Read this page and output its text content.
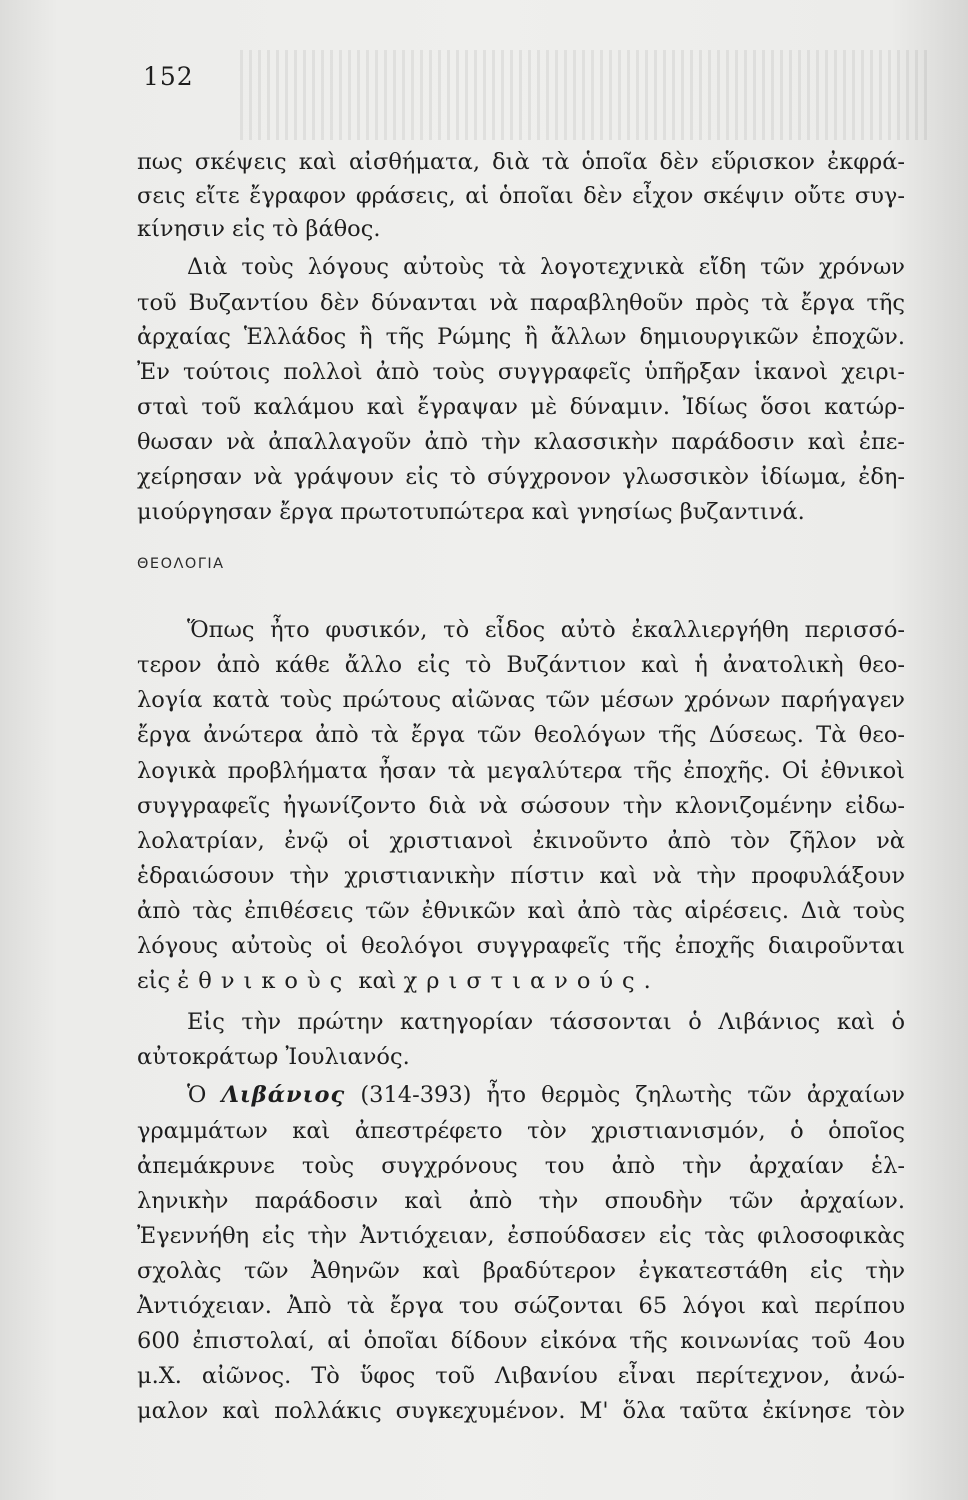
152
πως σκέψεις καὶ αἰσθήματα, διὰ τὰ ὁποῖα δὲν εὕρισκον ἐκφρά-
σεις εἴτε ἔγραφον φράσεις, αἱ ὁποῖαι δὲν εἶχον σκέψιν οὔτε συγ-
κίνησιν εἰς τὸ βάθος.
Διὰ τοὺς λόγους αὐτοὺς τὰ λογοτεχνικὰ εἴδη τῶν χρόνων
τοῦ Βυζαντίου δὲν δύνανται νὰ παραβληθοῦν πρὸς τὰ ἔργα τῆς
ἀρχαίας Ἑλλάδος ἢ τῆς Ρώμης ἢ ἄλλων δημιουργικῶν ἐποχῶν.
Ἐν τούτοις πολλοὶ ἀπὸ τοὺς συγγραφεῖς ὑπῆρξαν ἱκανοὶ χειρι-
σταὶ τοῦ καλάμου καὶ ἔγραψαν μὲ δύναμιν. Ἰδίως ὅσοι κατώρ-
θωσαν νὰ ἀπαλλαγοῦν ἀπὸ τὴν κλασσικὴν παράδοσιν καὶ ἐπε-
χείρησαν νὰ γράψουν εἰς τὸ σύγχρονον γλωσσικὸν ἰδίωμα, ἐδη-
μιούργησαν ἔργα πρωτοτυπώτερα καὶ γνησίως βυζαντινά.
ΘΕΟΛΟΓΙΑ
Ὅπως ἦτο φυσικόν, τὸ εἶδος αὐτὸ ἐκαλλιεργήθη περισσό-
τερον ἀπὸ κάθε ἄλλο εἰς τὸ Βυζάντιον καὶ ἡ ἀνατολικὴ θεο-
λογία κατὰ τοὺς πρώτους αἰῶνας τῶν μέσων χρόνων παρήγαγεν
ἔργα ἀνώτερα ἀπὸ τὰ ἔργα τῶν θεολόγων τῆς Δύσεως. Τὰ θεο-
λογικὰ προβλήματα ἦσαν τὰ μεγαλύτερα τῆς ἐποχῆς. Οἱ ἐθνικοὶ
συγγραφεῖς ἠγωνίζοντο διὰ νὰ σώσουν τὴν κλονιζομένην εἰδω-
λολατρίαν, ἐνῷ οἱ χριστιανοὶ ἐκινοῦντο ἀπὸ τὸν ζῆλον νὰ
ἑδραιώσουν τὴν χριστιανικὴν πίστιν καὶ νὰ τὴν προφυλάξουν
ἀπὸ τὰς ἐπιθέσεις τῶν ἐθνικῶν καὶ ἀπὸ τὰς αἱρέσεις. Διὰ τοὺς
λόγους αὐτοὺς οἱ θεολόγοι συγγραφεῖς τῆς ἐποχῆς διαιροῦνται
εἰς ἐθνικοὺς καὶ χριστιανούς.
Εἰς τὴν πρώτην κατηγορίαν τάσσονται ὁ Λιβάνιος καὶ ὁ
αὐτοκράτωρ Ἰουλιανός.
Ὁ Λιβάνιος (314-393) ἦτο θερμὸς ζηλωτὴς τῶν ἀρχαίων
γραμμάτων καὶ ἀπεστρέφετο τὸν χριστιανισμόν, ὁ ὁποῖος
ἀπεμάκρυνε τοὺς συγχρόνους του ἀπὸ τὴν ἀρχαίαν ἑλ-
ληνικὴν παράδοσιν καὶ ἀπὸ τὴν σπουδὴν τῶν ἀρχαίων.
Ἐγεννήθη εἰς τὴν Ἀντιόχειαν, ἐσπούδασεν εἰς τὰς φιλοσοφικὰς
σχολὰς τῶν Ἀθηνῶν καὶ βραδύτερον ἐγκατεστάθη εἰς τὴν
Ἀντιόχειαν. Ἀπὸ τὰ ἔργα του σώζονται 65 λόγοι καὶ περίπου
600 ἐπιστολαί, αἱ ὁποῖαι δίδουν εἰκόνα τῆς κοινωνίας τοῦ 4ου
μ.Χ. αἰῶνος. Τὸ ὕφος τοῦ Λιβανίου εἶναι περίτεχνον, ἀνώ-
μαλον καὶ πολλάκις συγκεχυμένον. Μ' ὅλα ταῦτα ἐκίνησε τὸν
